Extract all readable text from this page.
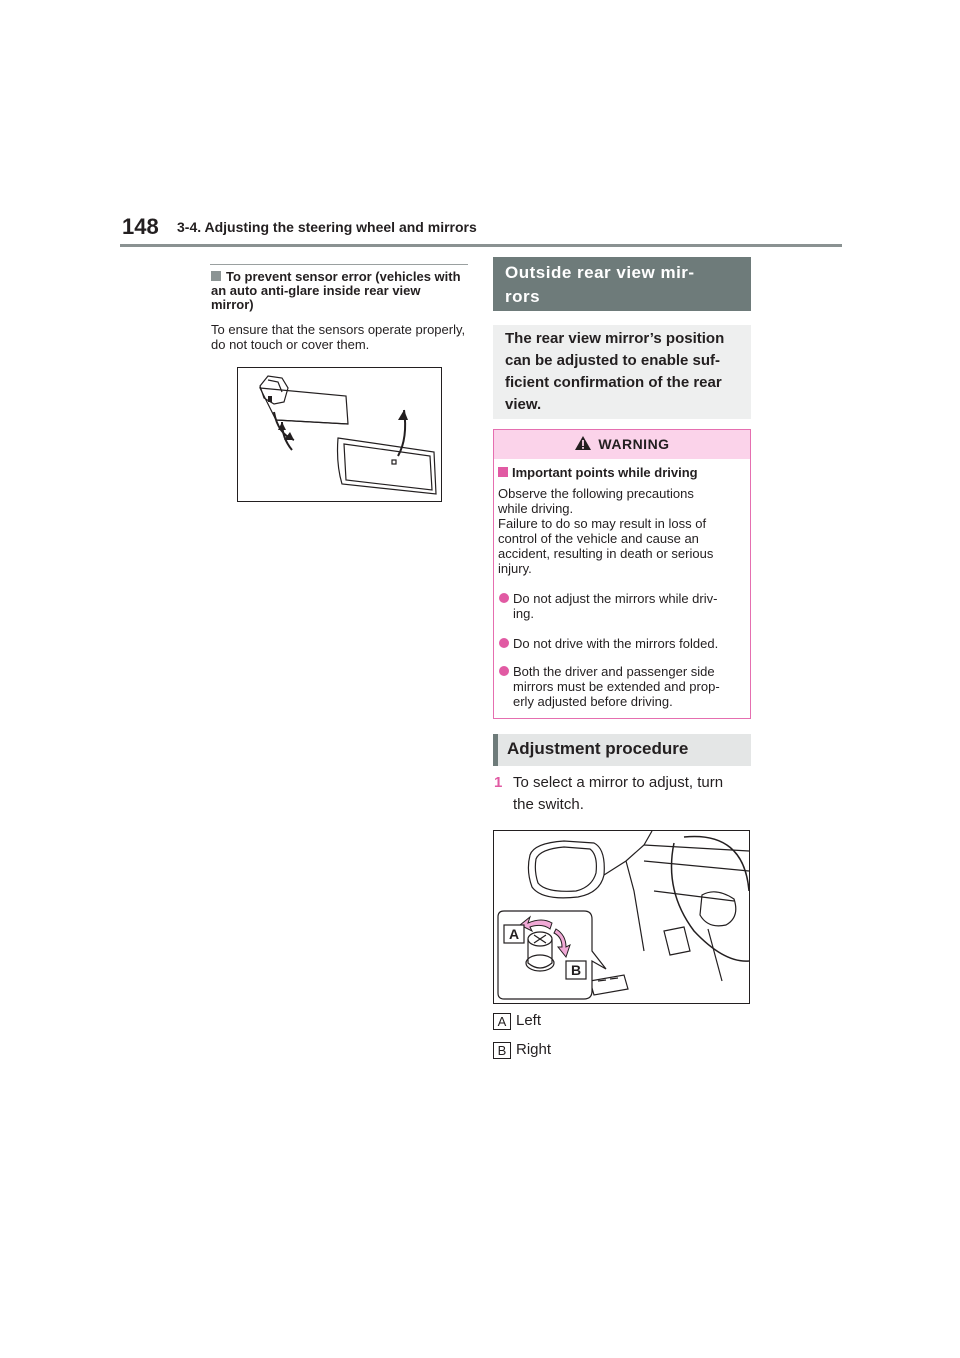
148 3-4. Adjusting the steering wheel and mirrors
To prevent sensor error (vehicles with an auto anti-glare inside rear view mirror)
To ensure that the sensors operate properly, do not touch or cover them.
Outside rear view mir-
rors
The rear view mirror’s position
can be adjusted to enable suf-
ficient confirmation of the rear
view.
WARNING
Important points while driving
Observe the following precautions
while driving.
Failure to do so may result in loss of
control of the vehicle and cause an
accident, resulting in death or serious
injury.
Do not adjust the mirrors while driv-
ing.
Do not drive with the mirrors folded.
Both the driver and passenger side
mirrors must be extended and prop-
erly adjusted before driving.
Adjustment procedure
1 To select a mirror to adjust, turn
the switch.
A
B
A Left
B Right
